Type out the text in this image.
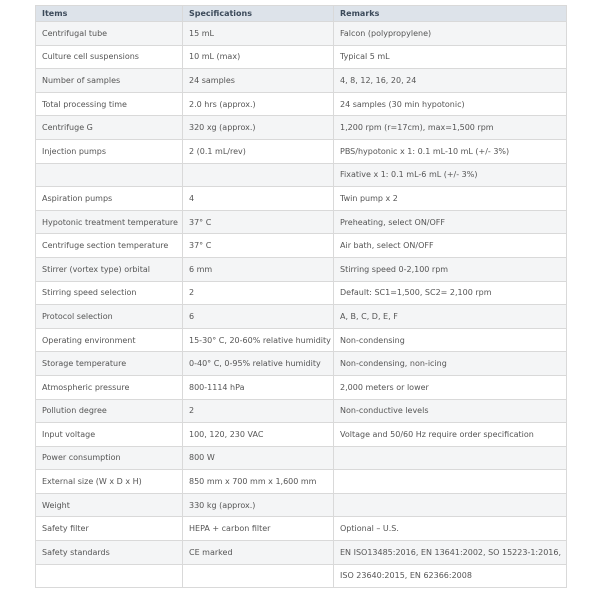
Items	Specifications	Remarks
Centrifugal tube	15 mL	Falcon (polypropylene)
Culture cell suspensions	10 mL (max)	Typical 5 mL
Number of samples	24 samples	4, 8, 12, 16, 20, 24
Total processing time	2.0 hrs (approx.)	24 samples (30 min hypotonic)
Centrifuge G	320 xg (approx.)	1,200 rpm (r=17cm), max=1,500 rpm
Injection pumps	2 (0.1 mL/rev)	PBS/hypotonic x 1: 0.1 mL-10 mL (+/- 3%)
		Fixative x 1: 0.1 mL-6 mL (+/- 3%)
Aspiration pumps	4	Twin pump x 2
Hypotonic treatment temperature	37° C	Preheating, select ON/OFF
Centrifuge section temperature	37° C	Air bath, select ON/OFF
Stirrer (vortex type) orbital	6 mm	Stirring speed 0-2,100 rpm
Stirring speed selection	2	Default: SC1=1,500, SC2= 2,100 rpm
Protocol selection	6	A, B, C, D, E, F
Operating environment	15-30° C, 20-60% relative humidity	Non-condensing
Storage temperature	0-40° C, 0-95% relative humidity	Non-condensing, non-icing
Atmospheric pressure	800-1114 hPa	2,000 meters or lower
Pollution degree	2	Non-conductive levels
Input voltage	100, 120, 230 VAC	Voltage and 50/60 Hz require order specification
Power consumption	800 W	
External size (W x D x H)	850 mm x 700 mm x 1,600 mm	
Weight	330 kg (approx.)	
Safety filter	HEPA + carbon filter	Optional – U.S.
Safety standards	CE marked	EN ISO13485:2016, EN 13641:2002, SO 15223-1:2016,
		ISO 23640:2015, EN 62366:2008
